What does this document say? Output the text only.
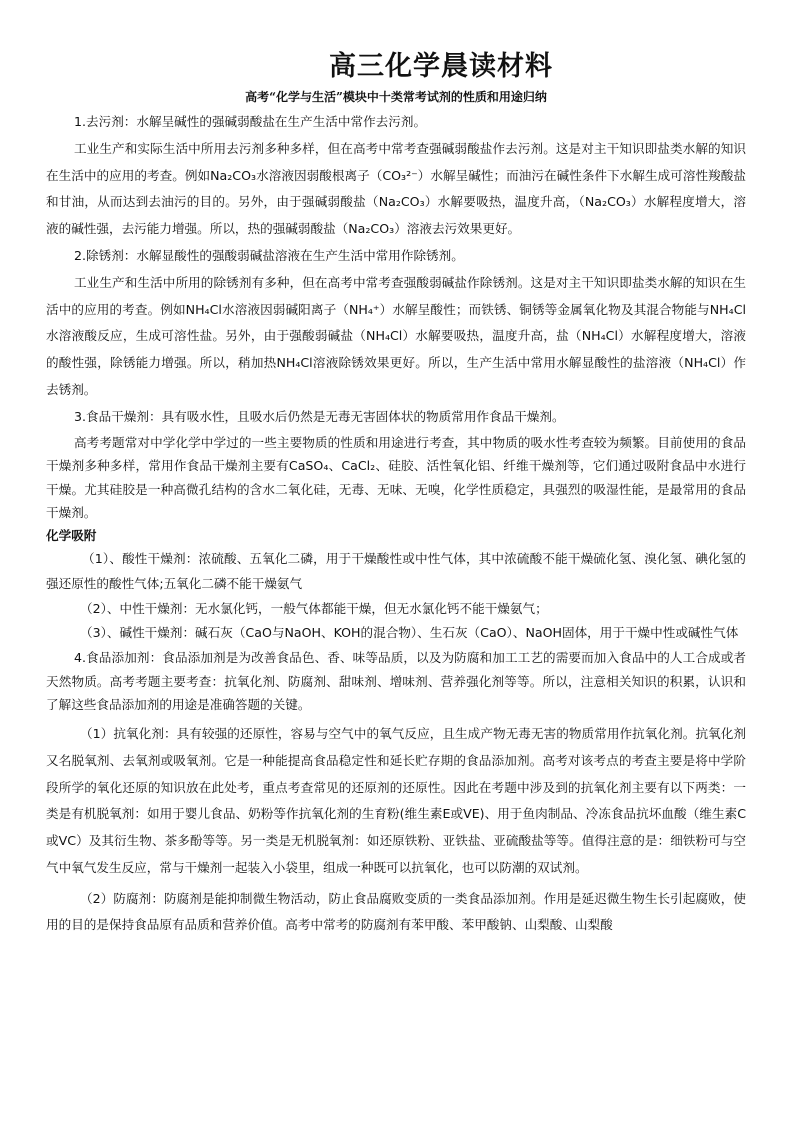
高三化学晨读材料
高考“化学与生活”模块中十类常考试剂的性质和用途归纳

1.去污剂：水解呈碱性的强碱弱酸盐在生产生活中常作去污剂。

工业生产和实际生活中所用去污剂多种多样，但在高考中常考查强碱弱酸盐作去污剂。这是对主干知识即盐类水解的知识在生活中的应用的考查。例如Na₂CO₃水溶液因弱酸根离子（CO₃²⁻）水解呈碱性；而油污在碱性条件下水解生成可溶性羧酸盐和甘油，从而达到去油污的目的。另外，由于强碱弱酸盐（Na₂CO₃）水解要吸热，温度升高，（Na₂CO₃）水解程度增大，溶液的碱性强，去污能力增强。所以，热的强碱弱酸盐（Na₂CO₃）溶液去污效果更好。

2.除锈剂：水解显酸性的强酸弱碱盐溶液在生产生活中常用作除锈剂。

工业生产和生活中所用的除锈剂有多种，但在高考中常考查强酸弱碱盐作除锈剂。这是对主干知识即盐类水解的知识在生活中的应用的考查。例如NH₄Cl水溶液因弱碱阳离子（NH₄⁺）水解呈酸性；而铁锈、铜锈等金属氧化物及其混合物能与NH₄Cl水溶液酸反应，生成可溶性盐。另外，由于强酸弱碱盐（NH₄Cl）水解要吸热，温度升高，盐（NH₄Cl）水解程度增大，溶液的酸性强，除锈能力增强。所以，稍加热NH₄Cl溶液除锈效果更好。所以，生产生活中常用水解显酸性的盐溶液（NH₄Cl）作去锈剂。

3.食品干燥剂：具有吸水性，且吸水后仍然是无毒无害固体状的物质常用作食品干燥剂。

高考考题常对中学化学中学过的一些主要物质的性质和用途进行考查，其中物质的吸水性考查较为频繁。目前使用的食品干燥剂多种多样，常用作食品干燥剂主要有CaSO₄、CaCl₂、硅胶、活性氧化铝、纤维干燥剂等，它们通过吸附食品中水进行干燥。尤其硅胶是一种高微孔结构的含水二氧化硅，无毒、无味、无嗅，化学性质稳定，具强烈的吸湿性能，是最常用的食品干燥剂。

化学吸附

（1）、酸性干燥剂：浓硫酸、五氧化二磷，用于干燥酸性或中性气体，其中浓硫酸不能干燥硫化氢、溴化氢、碘化氢的强还原性的酸性气体;五氧化二磷不能干燥氨气

（2）、中性干燥剂：无水氯化钙，一般气体都能干燥，但无水氯化钙不能干燥氨气；

（3）、碱性干燥剂：碱石灰（CaO与NaOH、KOH的混合物）、生石灰（CaO）、NaOH固体，用于干燥中性或碱性气体

4.食品添加剂：食品添加剂是为改善食品色、香、味等品质，以及为防腐和加工工艺的需要而加入食品中的人工合成或者天然物质。高考考题主要考查：抗氧化剂、防腐剂、甜味剂、增味剂、营养强化剂等等。所以，注意相关知识的积累，认识和了解这些食品添加剂的用途是准确答题的关键。

（1）抗氧化剂：具有较强的还原性，容易与空气中的氧气反应，且生成产物无毒无害的物质常用作抗氧化剂。抗氧化剂又名脱氧剂、去氧剂或吸氧剂。它是一种能提高食品稳定性和延长贮存期的食品添加剂。高考对该考点的考查主要是将中学阶段所学的氧化还原的知识放在此处考，重点考查常见的还原剂的还原性。因此在考题中涉及到的抗氧化剂主要有以下两类：一类是有机脱氧剂：如用于婴儿食品、奶粉等作抗氧化剂的生育粉(维生素E或VE)、用于鱼肉制品、冷冻食品抗坏血酸（维生素C或VC）及其衍生物、茶多酚等等。另一类是无机脱氧剂：如还原铁粉、亚铁盐、亚硫酸盐等等。值得注意的是：细铁粉可与空气中氧气发生反应，常与干燥剂一起装入小袋里，组成一种既可以抗氧化，也可以防潮的双试剂。

（2）防腐剂：防腐剂是能抑制微生物活动，防止食品腐败变质的一类食品添加剂。作用是延迟微生物生长引起腐败，使用的目的是保持食品原有品质和营养价值。高考中常考的防腐剂有苯甲酸、苯甲酸钠、山梨酸、山梨酸
